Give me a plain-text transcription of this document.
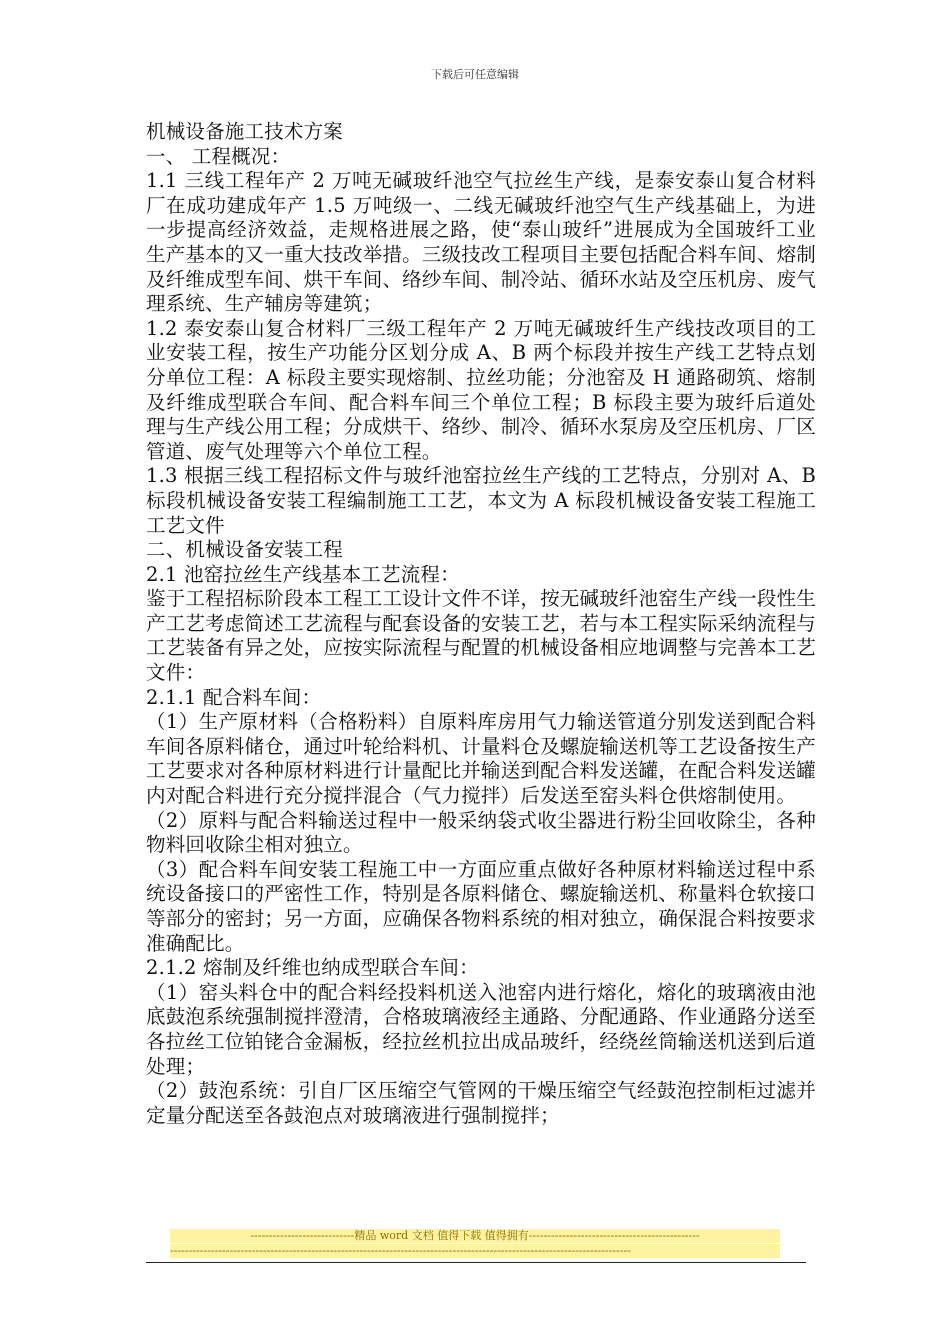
下载后可任意编辑

机械设备施工技术方案

一、 工程概况：

1.1 三线工程年产 2 万吨无碱玻纤池空气拉丝生产线，是泰安泰山复合材料厂在成功建成年产 1.5 万吨级一、二线无碱玻纤池空气生产线基础上，为进一步提高经济效益，走规格进展之路，使“泰山玻纤”进展成为全国玻纤工业生产基本的又一重大技改举措。三级技改工程项目主要包括配合料车间、熔制及纤维成型车间、烘干车间、络纱车间、制冷站、循环水站及空压机房、废气理系统、生产辅房等建筑；

1.2 泰安泰山复合材料厂三级工程年产 2 万吨无碱玻纤生产线技改项目的工业安装工程，按生产功能分区划分成 A、B 两个标段并按生产线工艺特点划分单位工程：A 标段主要实现熔制、拉丝功能；分池窑及 H 通路砌筑、熔制及纤维成型联合车间、配合料车间三个单位工程；B 标段主要为玻纤后道处理与生产线公用工程；分成烘干、络纱、制冷、循环水泵房及空压机房、厂区管道、废气处理等六个单位工程。

1.3 根据三线工程招标文件与玻纤池窑拉丝生产线的工艺特点，分别对 A、B 标段机械设备安装工程编制施工工艺，本文为 A 标段机械设备安装工程施工工艺文件

二、机械设备安装工程

2.1 池窑拉丝生产线基本工艺流程：

鉴于工程招标阶段本工程工工设计文件不详，按无碱玻纤池窑生产线一段性生产工艺考虑简述工艺流程与配套设备的安装工艺，若与本工程实际采纳流程与工艺装备有异之处，应按实际流程与配置的机械设备相应地调整与完善本工艺文件：

2.1.1 配合料车间：

（1）生产原材料（合格粉料）自原料库房用气力输送管道分别发送到配合料车间各原料储仓，通过叶轮给料机、计量料仓及螺旋输送机等工艺设备按生产工艺要求对各种原材料进行计量配比并输送到配合料发送罐，在配合料发送罐内对配合料进行充分搅拌混合（气力搅拌）后发送至窑头料仓供熔制使用。

（2）原料与配合料输送过程中一般采纳袋式收尘器进行粉尘回收除尘，各种物料回收除尘相对独立。

（3）配合料车间安装工程施工中一方面应重点做好各种原材料输送过程中系统设备接口的严密性工作，特别是各原料储仓、螺旋输送机、称量料仓软接口等部分的密封；另一方面，应确保各物料系统的相对独立，确保混合料按要求准确配比。

2.1.2 熔制及纤维也纳成型联合车间：

（1）窑头料仓中的配合料经投料机送入池窑内进行熔化，熔化的玻璃液由池底鼓泡系统强制搅拌澄清，合格玻璃液经主通路、分配通路、作业通路分送至各拉丝工位铂铑合金漏板，经拉丝机拉出成品玻纤，经绕丝筒输送机送到后道处理；

（2）鼓泡系统：引自厂区压缩空气管网的干燥压缩空气经鼓泡控制柜过滤并定量分配送至各鼓泡点对玻璃液进行强制搅拌；

----------------------------精品 word 文档 值得下载 值得拥有----------------------------------------------
----------------------------------------------------------------------------------------------------------------------------
